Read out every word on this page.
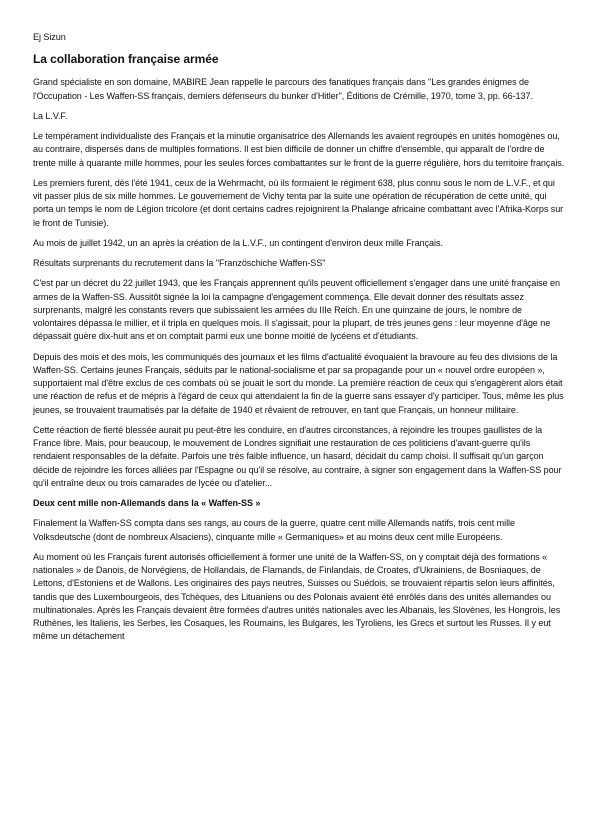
Ej Sizun
La collaboration française armée

Grand spécialiste en son domaine, MABIRE Jean rappelle le parcours des fanatiques français dans "Les grandes énigmes de l'Occupation - Les Waffen-SS français, derniers défenseurs du bunker d'Hitler", Éditions de Crémille, 1970, tome 3, pp. 66-137.

La L.V.F.

Le tempérament individualiste des Français et la minutie organisatrice des Allemands les avaient regroupés en unités homogènes ou, au contraire, dispersés dans de multiples formations. Il est bien difficile de donner un chiffre d'ensemble, qui apparaît de l'ordre de trente mille à quarante mille hommes, pour les seules forces combattantes sur le front de la guerre régulière, hors du territoire français.

Les premiers furent, dès l'été 1941, ceux de la Wehrmacht, où ils formaient le régiment 638, plus connu sous le nom de L.V.F., et qui vit passer plus de six mille hommes. Le gouvernement de Vichy tenta par la suite une opération de récupération de cette unité, qui porta un temps le nom de Légion tricolore (et dont certains cadres rejoignirent la Phalange africaine combattant avec l'Afrika-Korps sur le front de Tunisie).

Au mois de juillet 1942, un an après la création de la L.V.F., un contingent d'environ deux mille Français.

Résultats surprenants du recrutement dans la "Französchiche Waffen-SS"

C'est par un décret du 22 juillet 1943, que les Français apprennent qu'ils peuvent officiellement s'engager dans une unité française en armes de la Waffen-SS. Aussitôt signée la loi la campagne d'engagement commença. Elle devait donner des résultats assez surprenants, malgré les constants revers que subissaient les armées du IIIe Reich. En une quinzaine de jours, le nombre de volontaires dépassa le millier, et il tripla en quelques mois. Il s'agissait, pour la plupart, de très jeunes gens : leur moyenne d'âge ne dépassait guère dix-huit ans et on comptait parmi eux une bonne moitié de lycéens et d'étudiants.

Depuis des mois et des mois, les communiqués des journaux et les films d'actualité évoquaient la bravoure au feu des divisions de la Waffen-SS. Certains jeunes Français, séduits par le national-socialisme et par sa propagande pour un « nouvel ordre européen », supportaient mal d'être exclus de ces combats où se jouait le sort du monde. La première réaction de ceux qui s'engagèrent alors était une réaction de refus et de mépris à l'égard de ceux qui attendaient la fin de la guerre sans essayer d'y participer. Tous, même les plus jeunes, se trouvaient traumatisés par la défaite de 1940 et rêvaient de retrouver, en tant que Français, un honneur militaire.

Cette réaction de fierté blessée aurait pu peut-être les conduire, en d'autres circonstances, à rejoindre les troupes gaullistes de la France libre. Mais, pour beaucoup, le mouvement de Londres signifiait une restauration de ces politiciens d'avant-guerre qu'ils rendaient responsables de la défaite. Parfois une très faible influence, un hasard, décidait du camp choisi. Il suffisait qu'un garçon décide de rejoindre les forces alliées par l'Espagne ou qu'il se résolve, au contraire, à signer son engagement dans la Waffen-SS pour qu'il entraîne deux ou trois camarades de lycée ou d'atelier...

Deux cent mille non-Allemands dans la « Waffen-SS »

Finalement la Waffen-SS compta dans ses rangs, au cours de la guerre, quatre cent mille Allemands natifs, trois cent mille Volksdeutsche (dont de nombreux Alsaciens), cinquante mille « Germaniques» et au moins deux cent mille Européens.

Au moment où les Français furent autorisés officiellement à former une unité de la Waffen-SS, on y comptait déjà des formations « nationales » de Danois, de Norvégiens, de Hollandais, de Flamands, de Finlandais, de Croates, d'Ukrainiens, de Bosniaques, de Lettons, d'Estoniens et de Wallons. Les originaires des pays neutres, Suisses ou Suédois, se trouvaient répartis selon leurs affinités, tandis que des Luxembourgeois, des Tchèques, des Lituaniens ou des Polonais avaient été enrôlés dans des unités allemandes ou multinationales. Après les Français devaient être formées d'autres unités nationales avec les Albanais, les Slovènes, les Hongrois, les Ruthènes, les Italiens, les Serbes, les Cosaques, les Roumains, les Bulgares, les Tyroliens, les Grecs et surtout les Russes. Il y eut même un détachement
